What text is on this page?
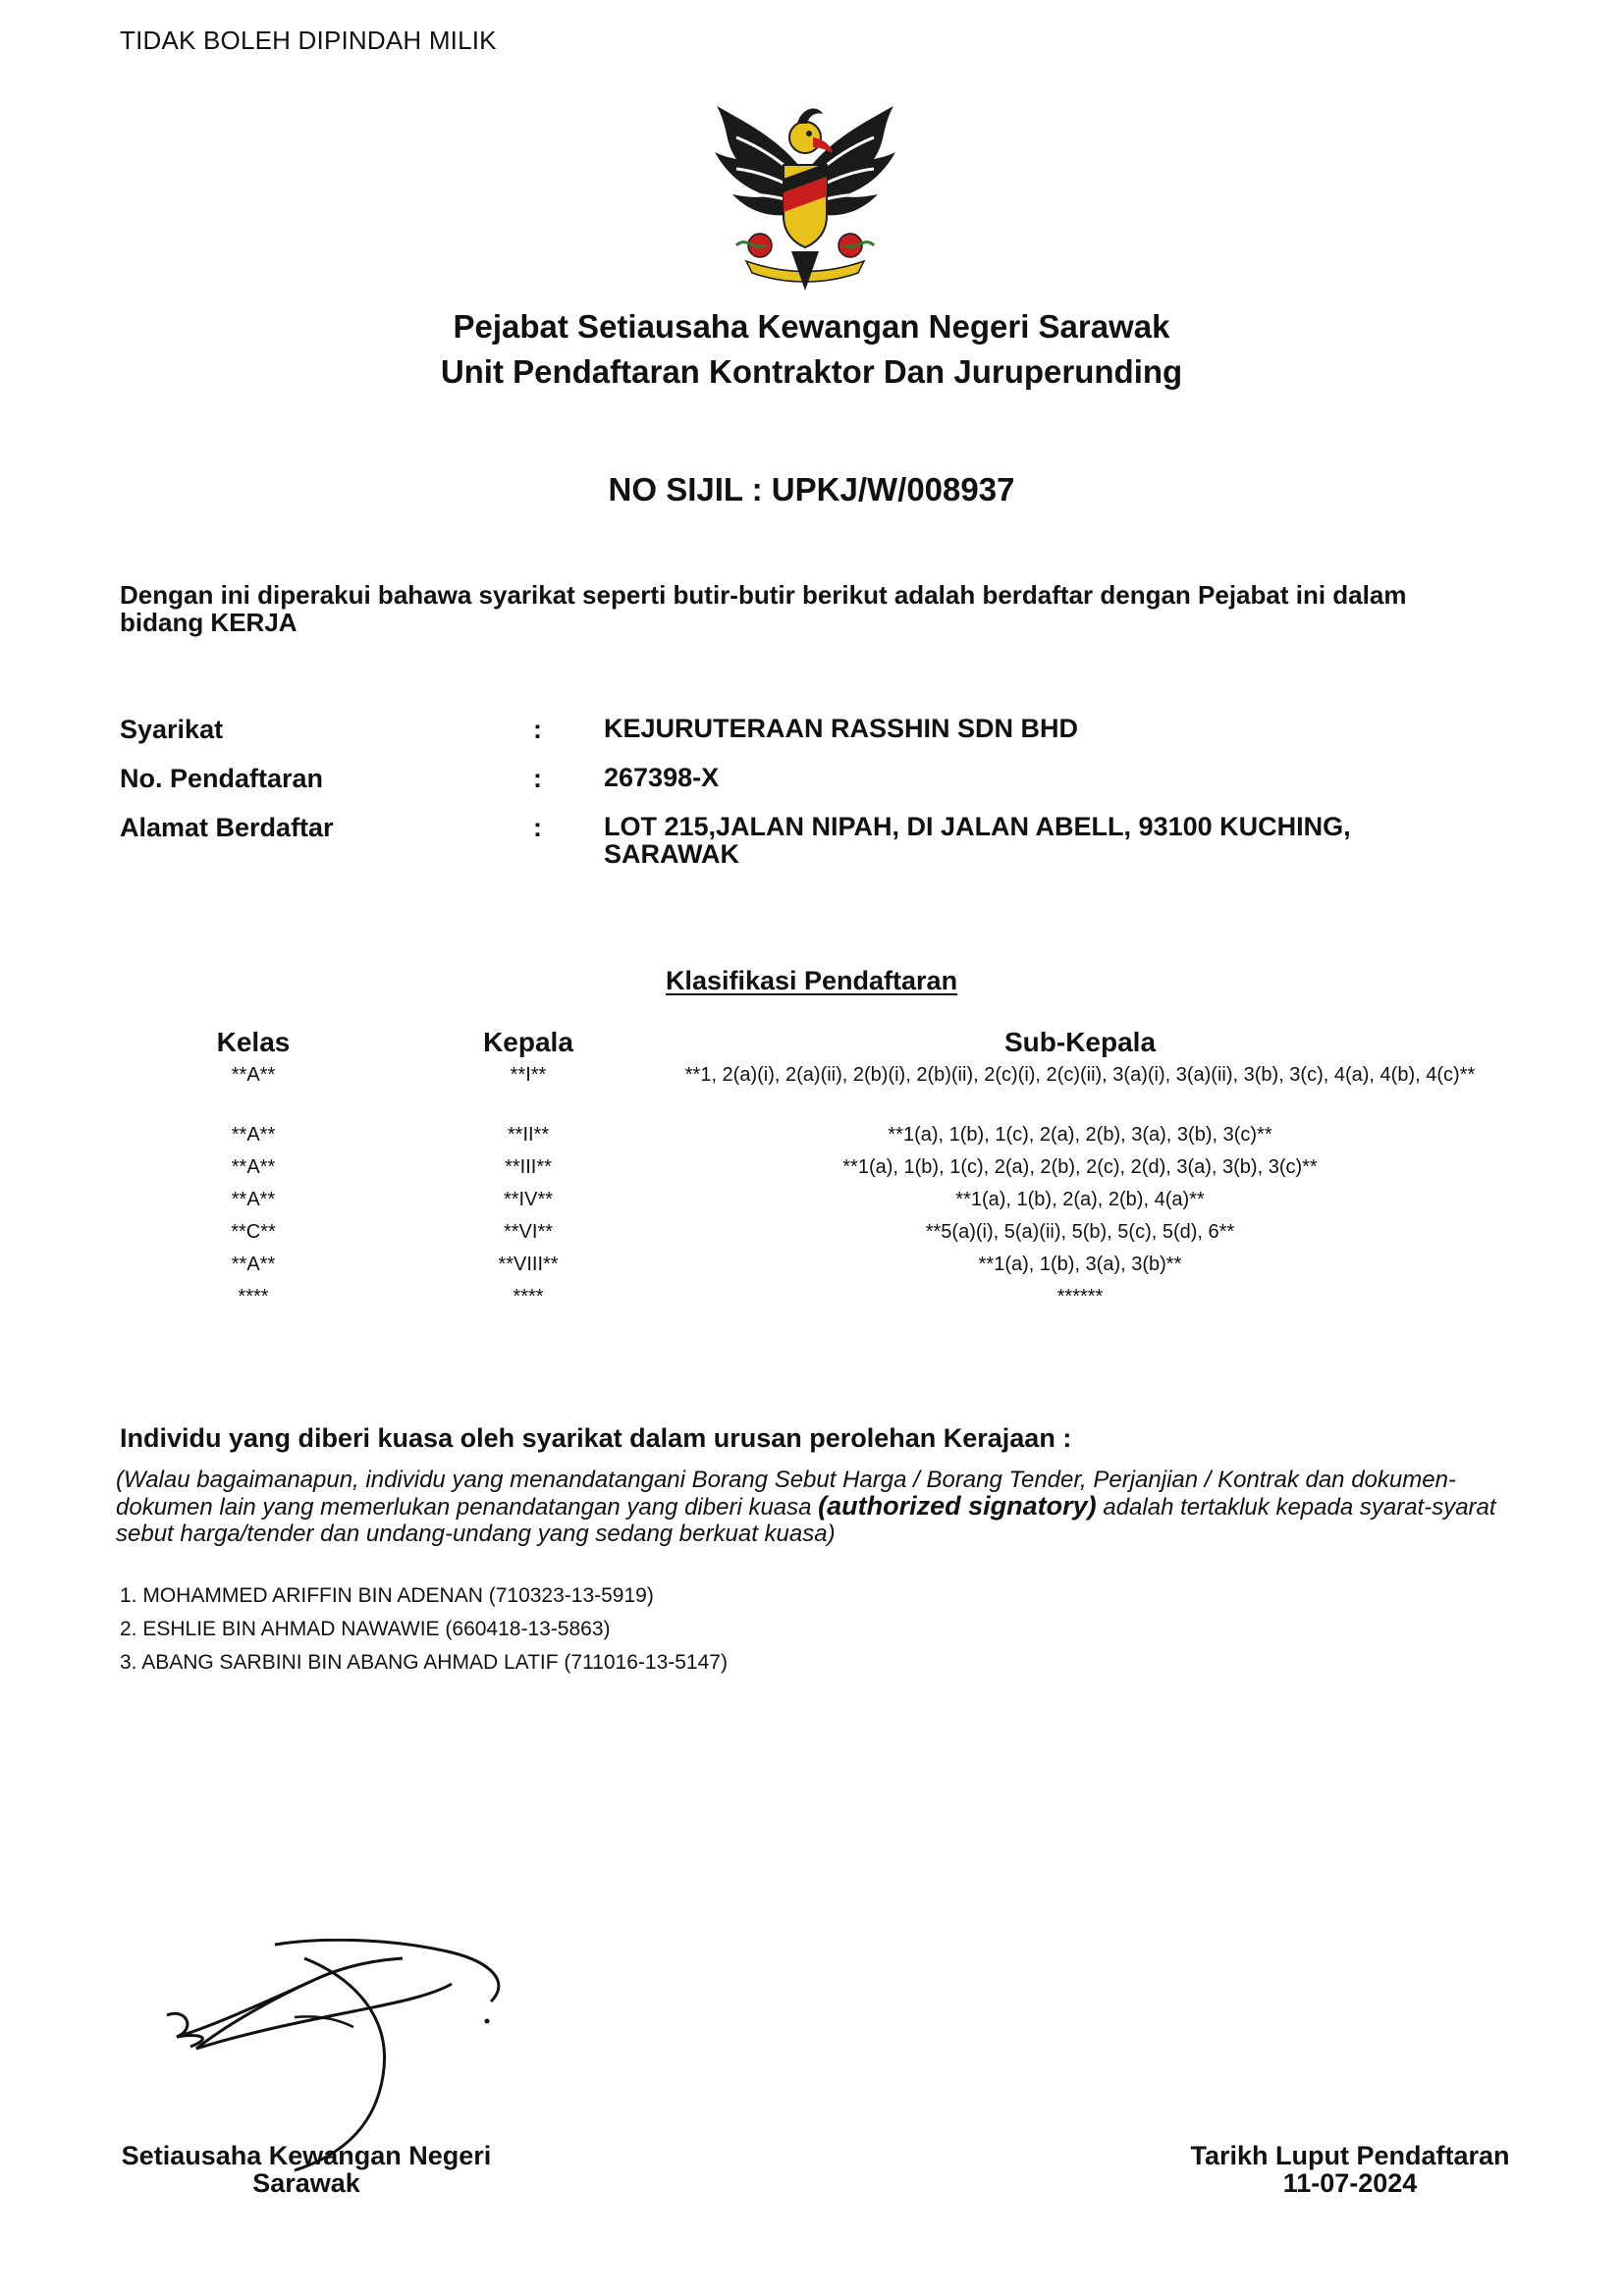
TIDAK BOLEH DIPINDAH MILIK
Pejabat Setiausaha Kewangan Negeri Sarawak
Unit Pendaftaran Kontraktor Dan Juruperunding
NO SIJIL : UPKJ/W/008937
Dengan ini diperakui bahawa syarikat seperti butir-butir berikut adalah berdaftar dengan Pejabat ini dalam bidang KERJA
Syarikat	: KEJURUTERAAN RASSHIN SDN BHD
No. Pendaftaran	: 267398-X
Alamat Berdaftar	: LOT 215,JALAN NIPAH, DI JALAN ABELL, 93100 KUCHING, SARAWAK
Klasifikasi Pendaftaran
Kelas	Kepala	Sub-Kepala
**A**	**I**	**1, 2(a)(i), 2(a)(ii), 2(b)(i), 2(b)(ii), 2(c)(i), 2(c)(ii), 3(a)(i), 3(a)(ii), 3(b), 3(c), 4(a), 4(b), 4(c)**
**A**	**II**	**1(a), 1(b), 1(c), 2(a), 2(b), 3(a), 3(b), 3(c)**
**A**	**III**	**1(a), 1(b), 1(c), 2(a), 2(b), 2(c), 2(d), 3(a), 3(b), 3(c)**
**A**	**IV**	**1(a), 1(b), 2(a), 2(b), 4(a)**
**C**	**VI**	**5(a)(i), 5(a)(ii), 5(b), 5(c), 5(d), 6**
**A**	**VIII**	**1(a), 1(b), 3(a), 3(b)**
****	****	******
Individu yang diberi kuasa oleh syarikat dalam urusan perolehan Kerajaan :
(Walau bagaimanapun, individu yang menandatangani Borang Sebut Harga / Borang Tender, Perjanjian / Kontrak dan dokumen-dokumen lain yang memerlukan penandatangan yang diberi kuasa (authorized signatory) adalah tertakluk kepada syarat-syarat sebut harga/tender dan undang-undang yang sedang berkuat kuasa)
1. MOHAMMED ARIFFIN BIN ADENAN (710323-13-5919)
2. ESHLIE BIN AHMAD NAWAWIE (660418-13-5863)
3. ABANG SARBINI BIN ABANG AHMAD LATIF (711016-13-5147)
Setiausaha Kewangan Negeri
Sarawak
Tarikh Luput Pendaftaran
11-07-2024
